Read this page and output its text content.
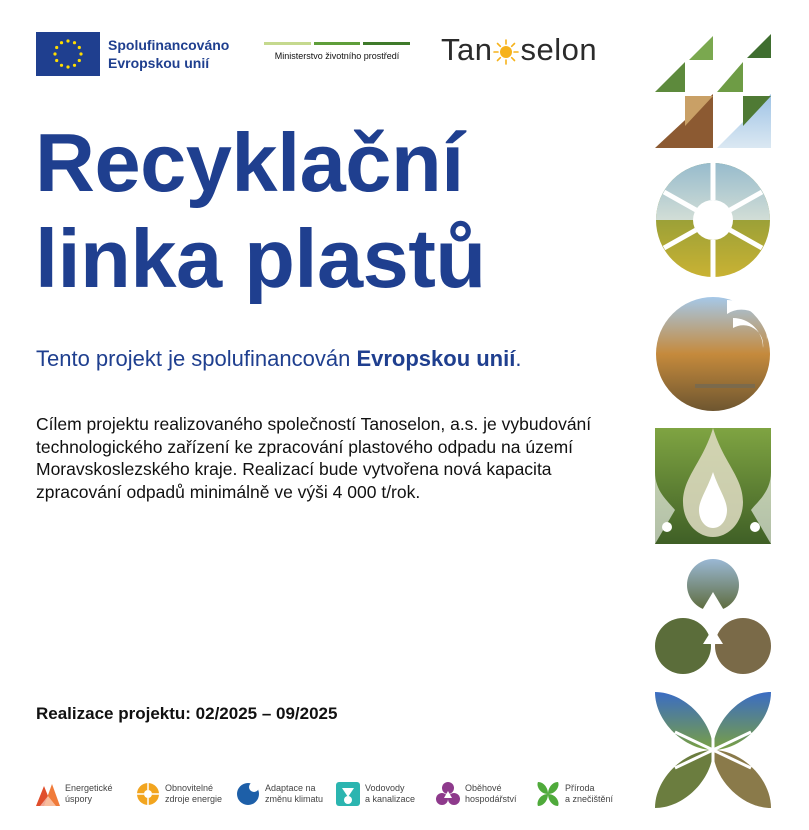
Spolufinancováno
Evropskou unií	Ministerstvo životního prostředí	Tan selon
Recyklační
linka plastů
Tento projekt je spolufinancován Evropskou unií.
Cílem projektu realizovaného společností Tanoselon, a.s. je vybudování technologického zařízení ke zpracování plastového odpadu na území Moravskoslezského kraje. Realizací bude vytvořena nová kapacita zpracování odpadů minimálně ve výši 4 000 t/rok.
Realizace projektu: 02/2025 – 09/2025
Energetické
úspory
Obnovitelné
zdroje energie
Adaptace na
změnu klimatu
Vodovody
a kanalizace
Oběhové
hospodářství
Příroda
a znečištění
